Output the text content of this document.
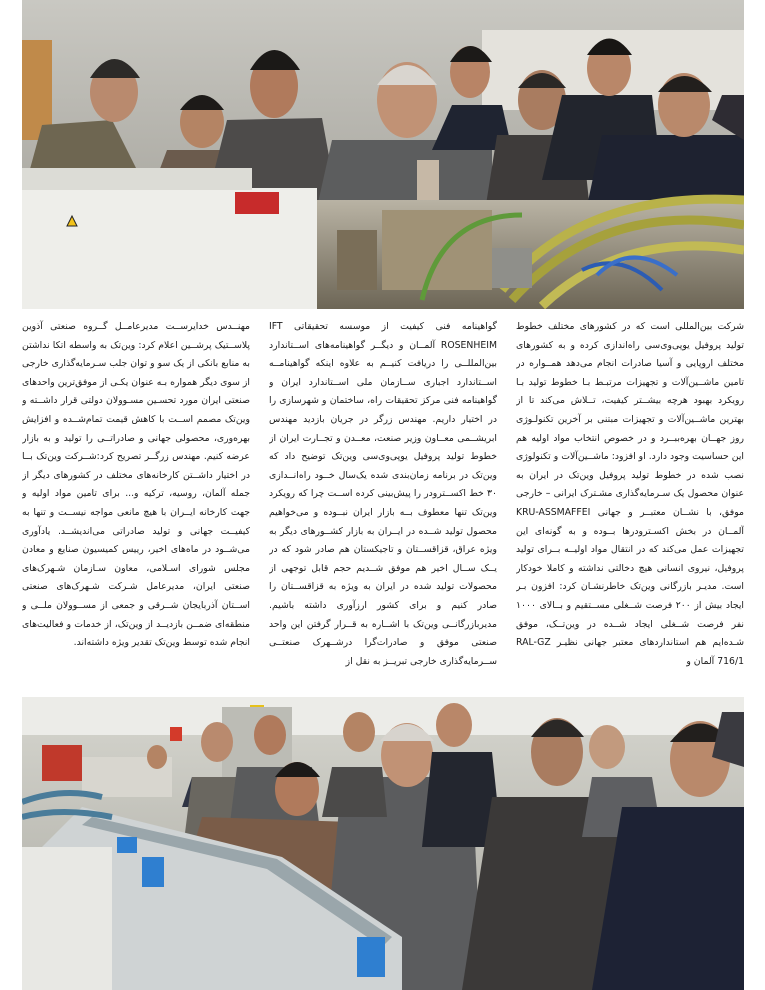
شرکت بین‌المللی است که در کشورهای مختلف خطوط تولید پروفیل یوپی‌وی‌سی راه‌اندازی کرده و به کشورهای مختلف اروپایی و آسیا صادرات انجام می‌دهد همــواره در تامین ماشــین‌آلات و تجهیزات مرتبـط بـا خطوط تولید بـا رویکرد بهبود هرچه بیشــتر کیفیت، تــلاش می‌کند تا از بهترین ماشــین‌آلات و تجهیزات مبتنی بر آخرین تکنولـوژی روز جهــان بهره‌ببــرد و در خصوص انتخاب مواد اولیه هم این حساسیت وجود دارد. او افزود: ماشــین‌آلات و تکنولوژی نصب شده در خطوط تولید پروفیل وین‌تک در ایران به عنوان محصول یک سـرمایه‌گذاری مشـترک ایرانی – خارجی موفق، با نشــان معتبــر و جهانی KRU-ASSMAFFEI آلمــان در بخش اکسـترودرها بــوده و به گونه‌ای این تجهیزات عمل می‌کند که در انتقال مواد اولیــه بــرای تولید پروفیل، نیروی انسانی هیچ دخالتی نداشته و کاملا خودکار است. مدیـر بازرگانی وین‌تک خاطرنشـان کرد: افزون بـر ایجاد بیش از ۲۰۰ فرصت شــغلی مســتقیم و بــالای ۱۰۰۰ نفر فرصت شــغلی ایجاد شــده در وین‌تــک، موفق شـده‌ایم هم استانداردهای معتبر جهانی نظیـر RAL-GZ 716/1 آلمان و

گواهینامه فنی کیفیت از موسسه تحقیقاتی IFT ROSENHEIM آلمــان و دیگــر گواهینامه‌های اســتاندارد بین‌المللــی را دریافت کنیــم به علاوه اینکه گواهینامــه اســتاندارد اجباری ســازمان ملی اســتاندارد ایران و گواهینامه فنی مرکز تحقیقات راه، ساختمان و شهرسازی را در اختیار داریم. مهندس زرگر در جریان بازدید مهندس ابریشــمی معــاون وزیر صنعت، معــدن و تجــارت ایران از خطوط تولید پروفیل یوپی‌وی‌سی وین‌تک توضیح داد که وین‌تک در برنامه زمان‌بندی شده یک‌سال خــود راه‌انــدازی ۳۰ خط اکســترودر را پیش‌بینی کرده اســت چرا که رویکرد وین‌تک تنها معطوف بــه بازار ایران نبــوده و می‌خواهیم محصول تولید شــده در ایــران به بازار کشــورهای دیگر به ویژه عراق، قزاقســتان و تاجیکستان هم صادر شود که در یــک ســال اخیر هم موفق شــدیم حجم قابل توجهی از محصولات تولید شده در ایران به ویژه به قزاقســتان را صادر کنیم و برای کشور ارزآوری داشته باشیم. مدیربازرگانــی وین‌تک با اشــاره به قــرار گرفتن این واحد صنعتی موفق و صادرات‌گرا درشــهرک صنعتــی ســرمایه‌گذاری خارجی تبریــز به نقل از

مهنــدس خدایرســت مدیرعامــل گــروه صنعتی آذوین پلاســتیک پرشــین اعلام کرد: وین‌تک به واسطه اتکا نداشتن به منابع بانکی از یک سو و توان جلب سـرمایه‌گذاری خارجی از سوی دیگر همواره بـه عنوان یکـی از موفق‌ترین واحدهای صنعتی ایران مورد تحسـین مسـوولان دولتی قرار داشــته و وین‌تک مصمم اســت با کاهش قیمت تمام‌شــده و افزایش بهره‌وری، محصولی جهانی و صادراتــی را تولید و به بازار عرضه کنیم. مهندس زرگــر تصریح کرد:شــرکت وین‌تک بــا در اختیار داشــتن کارخانه‌های مختلف در کشورهای دیگر از جمله آلمان، روسیه، ترکیه و... برای تامین مواد اولیه و جهت کارخانه ایــران با هیچ مانعی مواجه نیســت و تنها به کیفیــت جهانی و تولید صادراتی می‌اندیشــد. یادآوری می‌شــود در ماه‌های اخیر، رییس کمیسیون صنایع و معادن مجلس شورای اسـلامی، معاون سـازمان شـهرک‌های صنعتی ایران، مدیرعامل شـرکت شـهرک‌های صنعتی اســتان آذربایجان شــرقی و جمعی از مســوولان ملــی و منطقه‌ای ضمــن بازدیــد از وین‌تک، از خدمات و فعالیت‌های انجام شده توسط وین‌تک تقدیر ویژه داشته‌اند.
